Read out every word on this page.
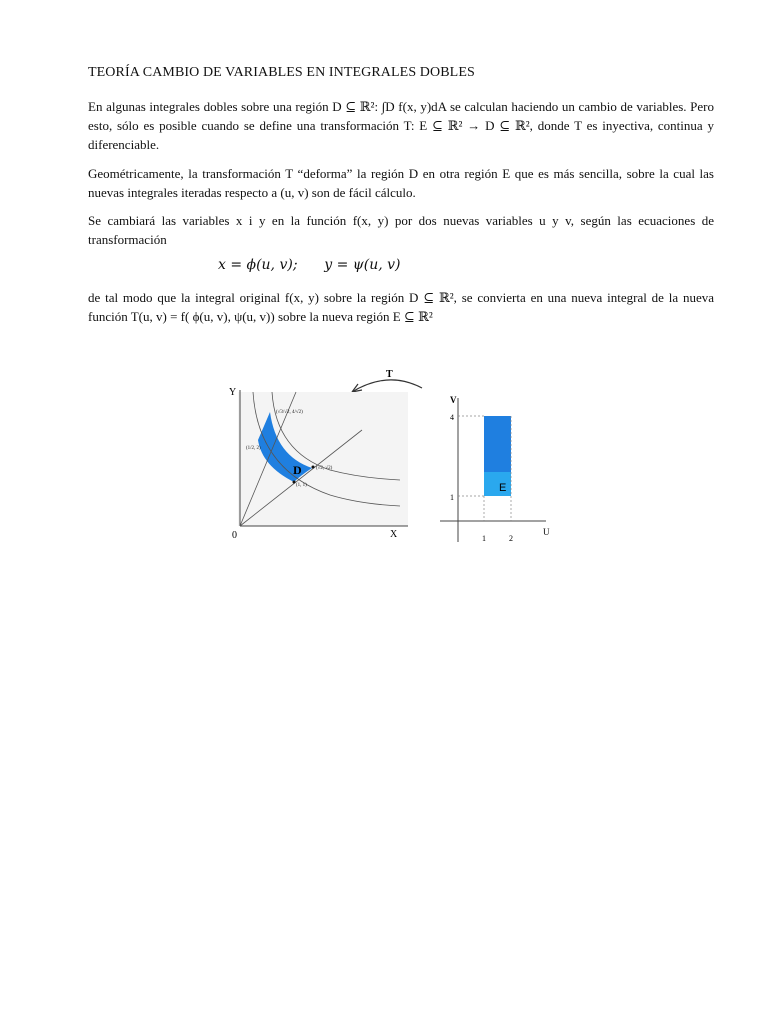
TEORÍA CAMBIO DE VARIABLES EN INTEGRALES DOBLES
En algunas integrales dobles sobre una región D ⊆ ℝ²: ∫D f(x, y)dA se calculan haciendo un cambio de variables. Pero esto, sólo es posible cuando se define una transformación T: E ⊆ ℝ² → D ⊆ ℝ², donde T es inyectiva, continua y diferenciable.
Geométricamente, la transformación T “deforma” la región D en otra región E que es más sencilla, sobre la cual las nuevas integrales iteradas respecto a (u, v) son de fácil cálculo.
Se cambiará las variables x i y en la función f(x, y) por dos nuevas variables u y v, según las ecuaciones de transformación
x = ϕ(u, v);      y = ψ(u, v)
de tal modo que la integral original f(x, y) sobre la región D ⊆ ℝ², se convierta en una nueva integral de la nueva función T(u, v) = f( ϕ(u, v), ψ(u, v)) sobre la nueva región E ⊆ ℝ²
T
Y
X
0
D
(√3/√2, 4/√2)
(1/2, 2)
(√2, √2)
(1, 1)
V
U
4
1
1	2
E
